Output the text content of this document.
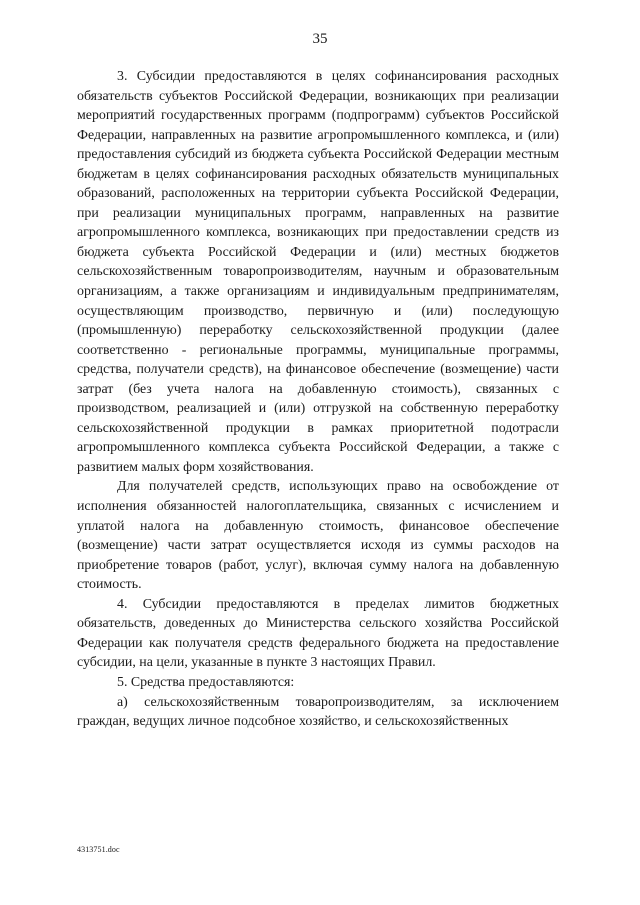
35

3. Субсидии предоставляются в целях софинансирования расходных обязательств субъектов Российской Федерации, возникающих при реализации мероприятий государственных программ (подпрограмм) субъектов Российской Федерации, направленных на развитие агропромышленного комплекса, и (или) предоставления субсидий из бюджета субъекта Российской Федерации местным бюджетам в целях софинансирования расходных обязательств муниципальных образований, расположенных на территории субъекта Российской Федерации, при реализации муниципальных программ, направленных на развитие агропромышленного комплекса, возникающих при предоставлении средств из бюджета субъекта Российской Федерации и (или) местных бюджетов сельскохозяйственным товаропроизводителям, научным и образовательным организациям, а также организациям и индивидуальным предпринимателям, осуществляющим производство, первичную и (или) последующую (промышленную) переработку сельскохозяйственной продукции (далее соответственно - региональные программы, муниципальные программы, средства, получатели средств), на финансовое обеспечение (возмещение) части затрат (без учета налога на добавленную стоимость), связанных с производством, реализацией и (или) отгрузкой на собственную переработку сельскохозяйственной продукции в рамках приоритетной подотрасли агропромышленного комплекса субъекта Российской Федерации, а также с развитием малых форм хозяйствования.

Для получателей средств, использующих право на освобождение от исполнения обязанностей налогоплательщика, связанных с исчислением и уплатой налога на добавленную стоимость, финансовое обеспечение (возмещение) части затрат осуществляется исходя из суммы расходов на приобретение товаров (работ, услуг), включая сумму налога на добавленную стоимость.

4. Субсидии предоставляются в пределах лимитов бюджетных обязательств, доведенных до Министерства сельского хозяйства Российской Федерации как получателя средств федерального бюджета на предоставление субсидии, на цели, указанные в пункте 3 настоящих Правил.

5. Средства предоставляются:

а) сельскохозяйственным товаропроизводителям, за исключением граждан, ведущих личное подсобное хозяйство, и сельскохозяйственных

4313751.doc
